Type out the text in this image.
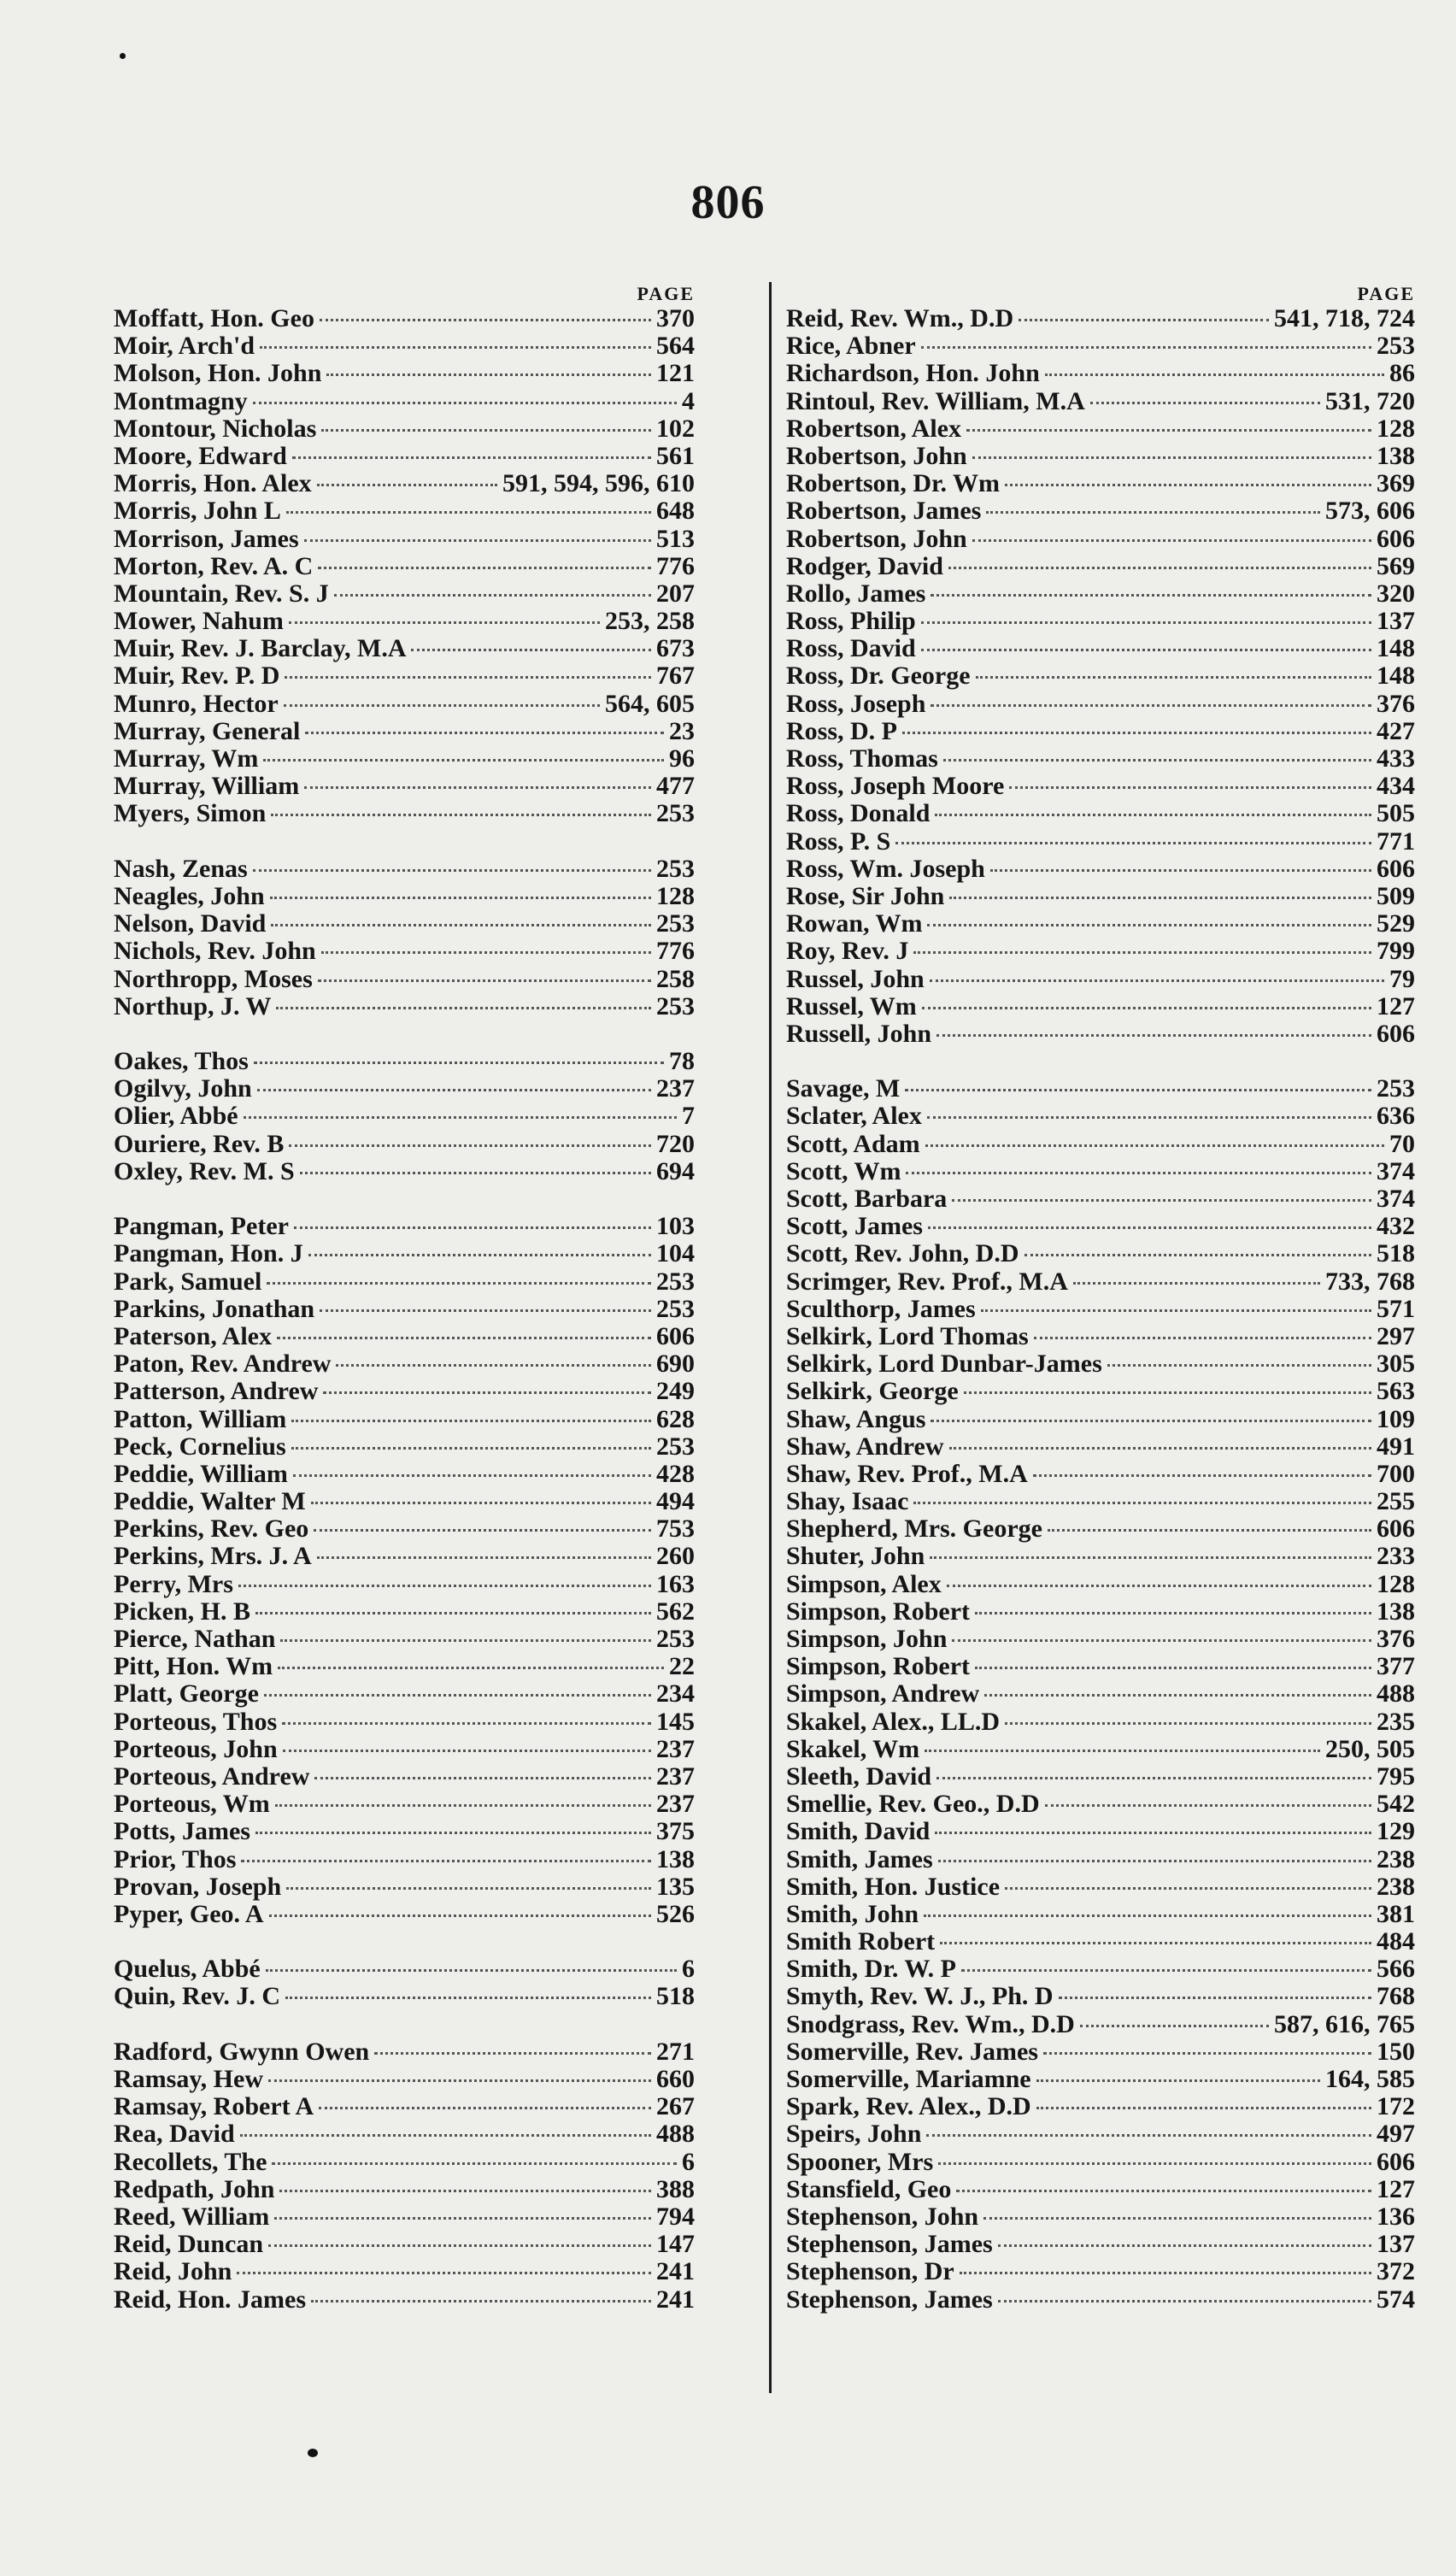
806
PAGE
Moffatt, Hon. Geo	370
Moir, Arch'd	564
Molson, Hon. John	121
Montmagny	4
Montour, Nicholas	102
Moore, Edward	561
Morris, Hon. Alex	591, 594, 596, 610
Morris, John L	648
Morrison, James	513
Morton, Rev. A. C	776
Mountain, Rev. S. J	207
Mower, Nahum	253, 258
Muir, Rev. J. Barclay, M.A	673
Muir, Rev. P. D	767
Munro, Hector	564, 605
Murray, General	23
Murray, Wm	96
Murray, William	477
Myers, Simon	253
Nash, Zenas	253
Neagles, John	128
Nelson, David	253
Nichols, Rev. John	776
Northropp, Moses	258
Northup, J. W	253
Oakes, Thos	78
Ogilvy, John	237
Olier, Abbé	7
Ouriere, Rev. B	720
Oxley, Rev. M. S	694
Pangman, Peter	103
Pangman, Hon. J	104
Park, Samuel	253
Parkins, Jonathan	253
Paterson, Alex	606
Paton, Rev. Andrew	690
Patterson, Andrew	249
Patton, William	628
Peck, Cornelius	253
Peddie, William	428
Peddie, Walter M	494
Perkins, Rev. Geo	753
Perkins, Mrs. J. A	260
Perry, Mrs	163
Picken, H. B	562
Pierce, Nathan	253
Pitt, Hon. Wm	22
Platt, George	234
Porteous, Thos	145
Porteous, John	237
Porteous, Andrew	237
Porteous, Wm	237
Potts, James	375
Prior, Thos	138
Provan, Joseph	135
Pyper, Geo. A	526
Quelus, Abbé	6
Quin, Rev. J. C	518
Radford, Gwynn Owen	271
Ramsay, Hew	660
Ramsay, Robert A	267
Rea, David	488
Recollets, The	6
Redpath, John	388
Reed, William	794
Reid, Duncan	147
Reid, John	241
Reid, Hon. James	241
PAGE
Reid, Rev. Wm., D.D	541, 718, 724
Rice, Abner	253
Richardson, Hon. John	86
Rintoul, Rev. William, M.A	531, 720
Robertson, Alex	128
Robertson, John	138
Robertson, Dr. Wm	369
Robertson, James	573, 606
Robertson, John	606
Rodger, David	569
Rollo, James	320
Ross, Philip	137
Ross, David	148
Ross, Dr. George	148
Ross, Joseph	376
Ross, D. P	427
Ross, Thomas	433
Ross, Joseph Moore	434
Ross, Donald	505
Ross, P. S	771
Ross, Wm. Joseph	606
Rose, Sir John	509
Rowan, Wm	529
Roy, Rev. J	799
Russel, John	79
Russel, Wm	127
Russell, John	606
Savage, M	253
Sclater, Alex	636
Scott, Adam	70
Scott, Wm	374
Scott, Barbara	374
Scott, James	432
Scott, Rev. John, D.D	518
Scrimger, Rev. Prof., M.A	733, 768
Sculthorp, James	571
Selkirk, Lord Thomas	297
Selkirk, Lord Dunbar-James	305
Selkirk, George	563
Shaw, Angus	109
Shaw, Andrew	491
Shaw, Rev. Prof., M.A	700
Shay, Isaac	255
Shepherd, Mrs. George	606
Shuter, John	233
Simpson, Alex	128
Simpson, Robert	138
Simpson, John	376
Simpson, Robert	377
Simpson, Andrew	488
Skakel, Alex., LL.D	235
Skakel, Wm	250, 505
Sleeth, David	795
Smellie, Rev. Geo., D.D	542
Smith, David	129
Smith, James	238
Smith, Hon. Justice	238
Smith, John	381
Smith Robert	484
Smith, Dr. W. P	566
Smyth, Rev. W. J., Ph. D	768
Snodgrass, Rev. Wm., D.D	587, 616, 765
Somerville, Rev. James	150
Somerville, Mariamne	164, 585
Spark, Rev. Alex., D.D	172
Speirs, John	497
Spooner, Mrs	606
Stansfield, Geo	127
Stephenson, John	136
Stephenson, James	137
Stephenson, Dr	372
Stephenson, James	574
